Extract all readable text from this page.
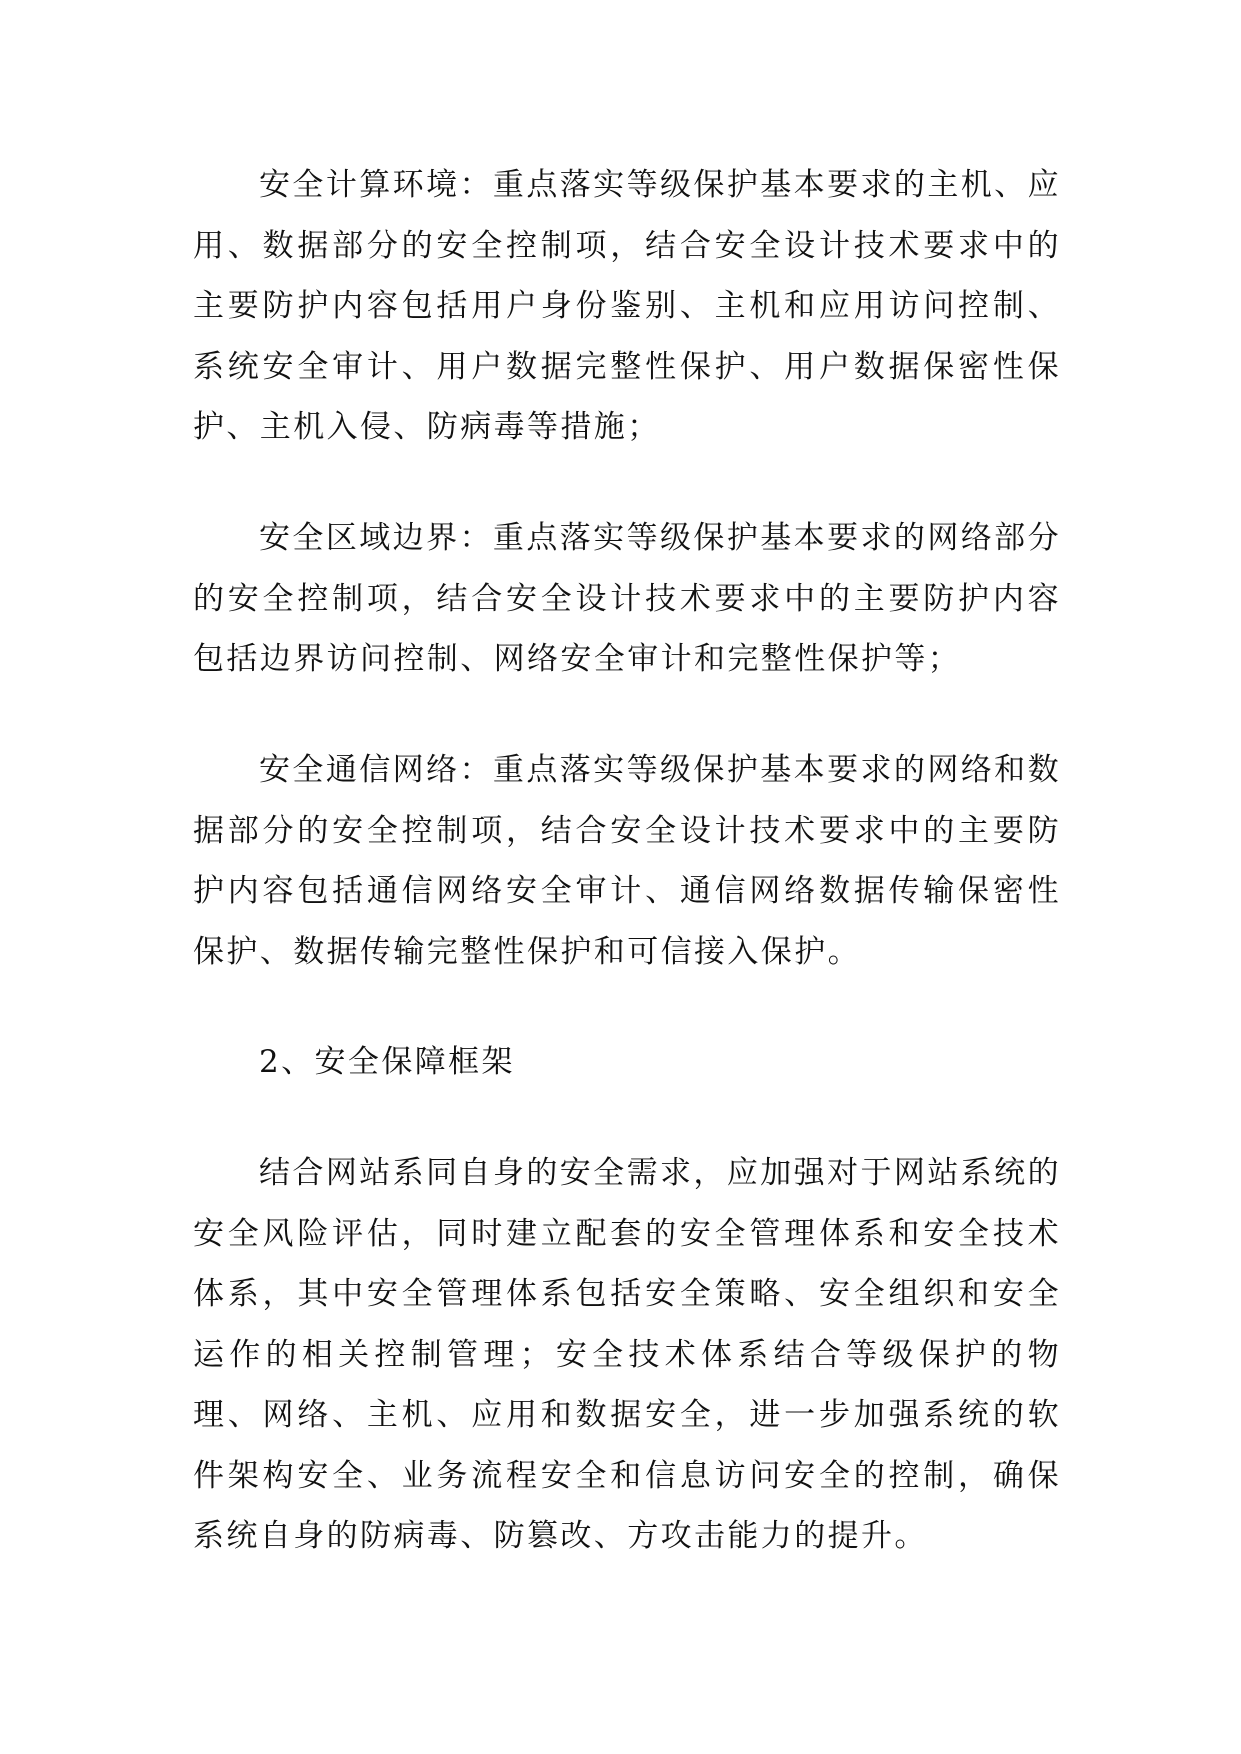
安全计算环境：重点落实等级保护基本要求的主机、应用、数据部分的安全控制项，结合安全设计技术要求中的主要防护内容包括用户身份鉴别、主机和应用访问控制、系统安全审计、用户数据完整性保护、用户数据保密性保护、主机入侵、防病毒等措施；

安全区域边界：重点落实等级保护基本要求的网络部分的安全控制项，结合安全设计技术要求中的主要防护内容包括边界访问控制、网络安全审计和完整性保护等；

安全通信网络：重点落实等级保护基本要求的网络和数据部分的安全控制项，结合安全设计技术要求中的主要防护内容包括通信网络安全审计、通信网络数据传输保密性保护、数据传输完整性保护和可信接入保护。

2、安全保障框架

结合网站系同自身的安全需求，应加强对于网站系统的安全风险评估，同时建立配套的安全管理体系和安全技术体系，其中安全管理体系包括安全策略、安全组织和安全运作的相关控制管理；安全技术体系结合等级保护的物理、网络、主机、应用和数据安全，进一步加强系统的软件架构安全、业务流程安全和信息访问安全的控制，确保系统自身的防病毒、防篡改、方攻击能力的提升。
